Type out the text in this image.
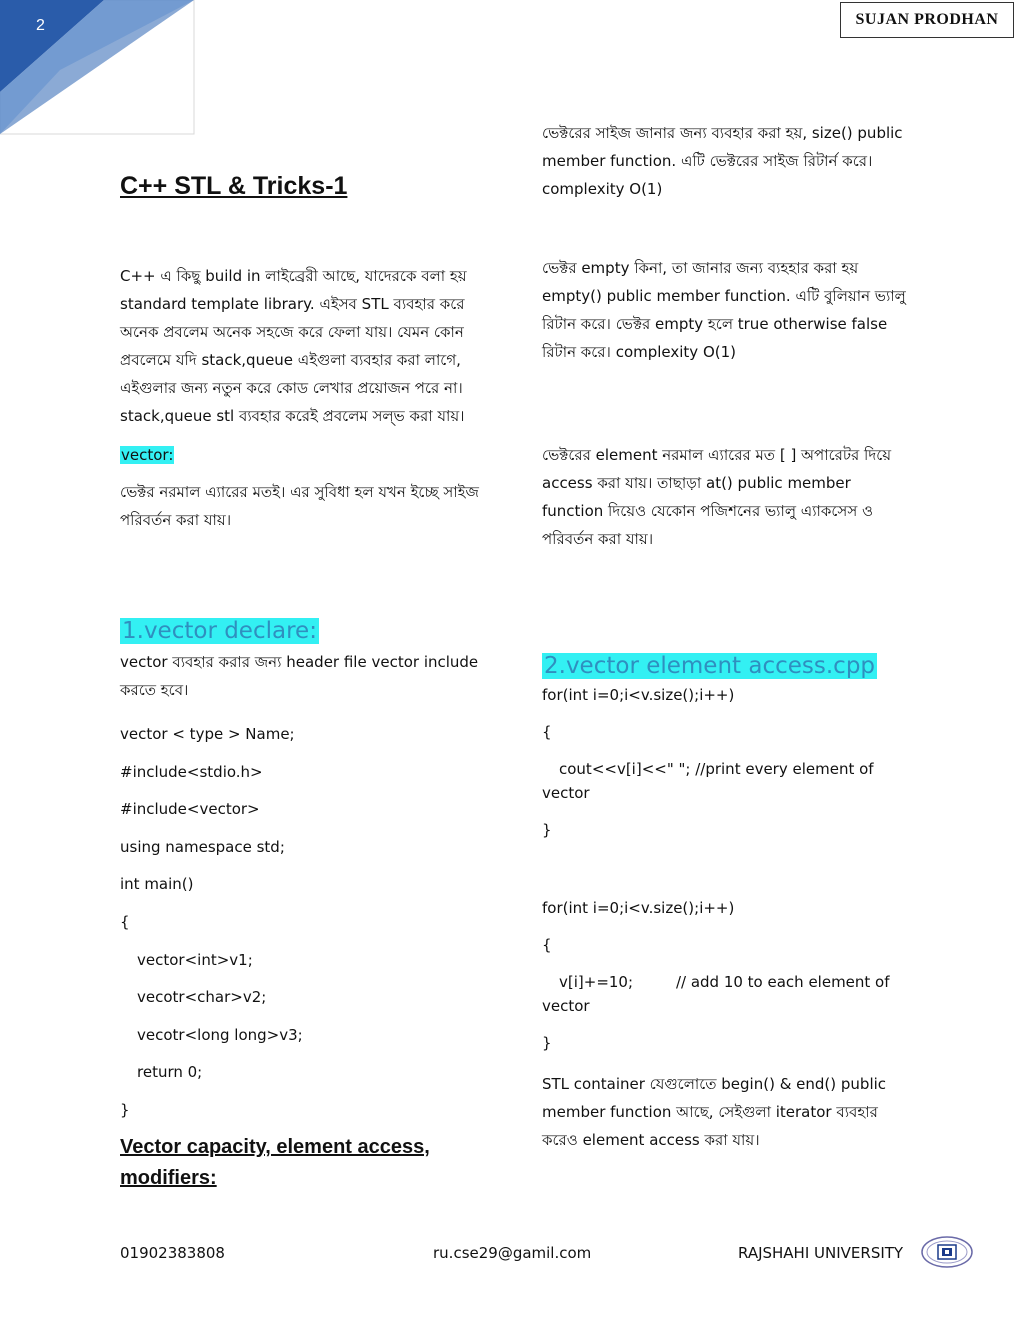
2	SUJAN PRODHAN
C++ STL & Tricks-1

C++ এ কিছু build in লাইব্রেরী আছে, যাদেরকে বলা হয় standard template library. এইসব STL ব্যবহার করে অনেক প্রবলেম অনেক সহজে করে ফেলা যায়। যেমন কোন প্রবলেমে যদি stack,queue এইগুলা ব্যবহার করা লাগে, এইগুলার জন্য নতুন করে কোড লেখার প্রয়োজন পরে না। stack,queue stl ব্যবহার করেই প্রবলেম সল্ভ করা যায়।

vector:

ভেক্টর নরমাল এ্যারের মতই। এর সুবিধা হল যখন ইচ্ছে সাইজ পরিবর্তন করা যায়।

1.vector declare:
vector ব্যবহার করার জন্য header file vector include করতে হবে।
vector < type > Name;
#include<stdio.h>
#include<vector>
using namespace std;
int main()
{
vector<int>v1;
vecotr<char>v2;
vecotr<long long>v3;
return 0;
}
Vector capacity, element access, modifiers:
ভেক্টরের সাইজ জানার জন্য ব্যবহার করা হয়, size() public member function. এটি ভেক্টরের সাইজ রিটার্ন করে। complexity O(1)
ভেক্টর empty কিনা, তা জানার জন্য ব্যহহার করা হয় empty() public member function. এটি বুলিয়ান ভ্যালু রিটান করে। ভেক্টর empty হলে true otherwise false রিটান করে। complexity O(1)
ভেক্টরের element নরমাল এ্যারের মত [ ] অপারেটর দিয়ে access করা যায়। তাছাড়া at() public member function দিয়েও যেকোন পজিশনের ভ্যালু এ্যাকসেস ও পরিবর্তন করা যায়।
2.vector element access.cpp
for(int i=0;i<v.size();i++)
{
cout<<v[i]<<" "; //print every element of vector
}
for(int i=0;i<v.size();i++)
{
v[i]+=10;         // add 10 to each element of vector
}
STL container যেগুলোতে begin() & end() public member function আছে, সেইগুলা iterator ব্যবহার করেও element access করা যায়।
01902383808	ru.cse29@gamil.com	RAJSHAHI UNIVERSITY
